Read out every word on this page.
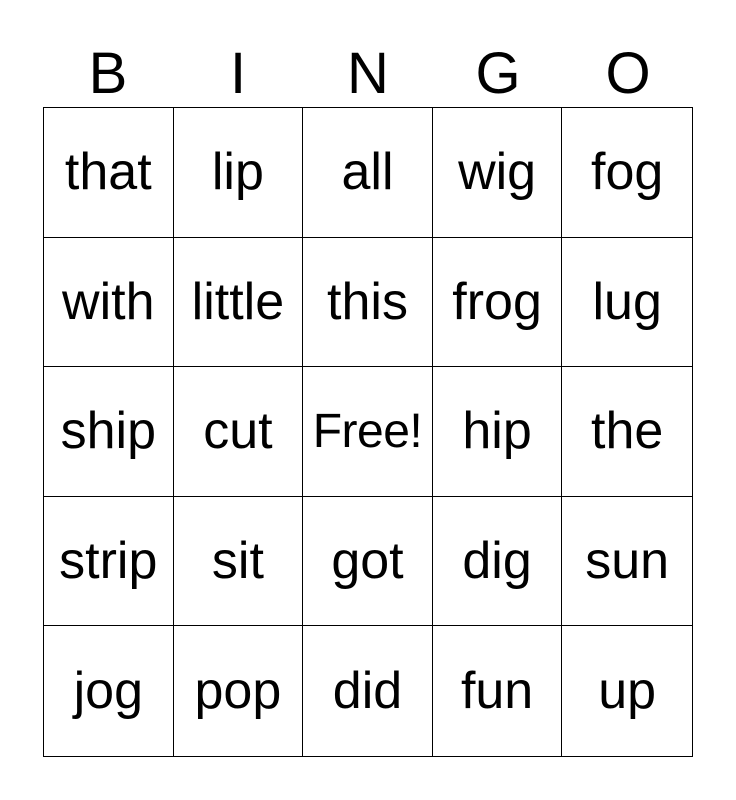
B	I	N	G	O
that	lip	all	wig	fog
with little this frog lug
ship cut Free! hip	the
strip	sit	got	dig	sun
jog pop did	fun	up
